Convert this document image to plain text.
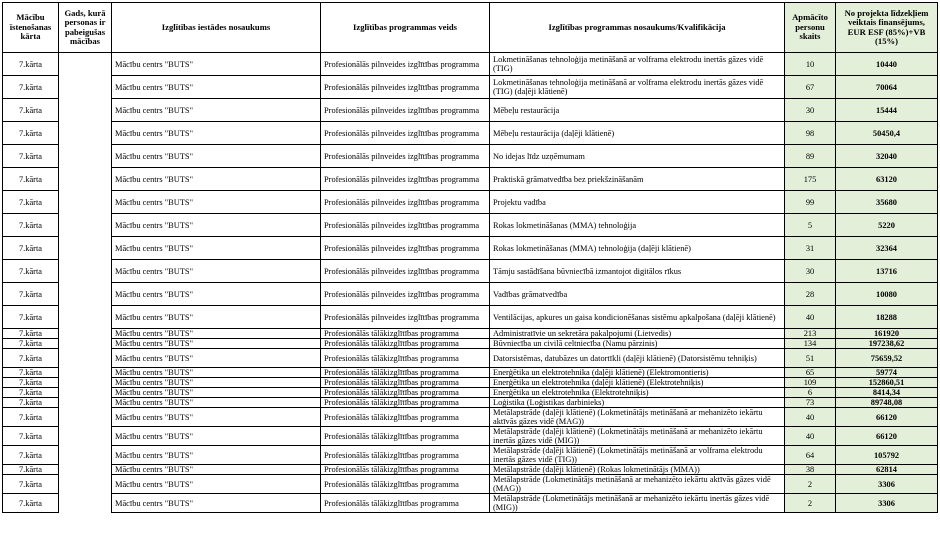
Mācību īstenošanas kārta	Gads, kurā personas ir pabeigušas mācības	Izglītības iestādes nosaukums	Izglītības programmas veids	Izglītības programmas nosaukums/Kvalifikācija	Apmācīto personu skaits	No projekta līdzekļiem veiktais finansējums, EUR ESF (85%)+VB (15%)
7.kārta		Mācību centrs "BUTS"	Profesionālās pilnveides izglītības programma	Lokmetināšanas tehnoloģija metināšanā ar volframa elektrodu inertās gāzes vidē (TIG)	10	10440
7.kārta		Mācību centrs "BUTS"	Profesionālās pilnveides izglītības programma	Lokmetināšanas tehnoloģija metināšanā ar volframa elektrodu inertās gāzes vidē (TIG) (daļēji klātienē)	67	70064
7.kārta		Mācību centrs "BUTS"	Profesionālās pilnveides izglītības programma	Mēbeļu restaurācija	30	15444
7.kārta		Mācību centrs "BUTS"	Profesionālās pilnveides izglītības programma	Mēbeļu restaurācija (daļēji klātienē)	98	50450,4
7.kārta		Mācību centrs "BUTS"	Profesionālās pilnveides izglītības programma	No idejas līdz uzņēmumam	89	32040
7.kārta		Mācību centrs "BUTS"	Profesionālās pilnveides izglītības programma	Praktiskā grāmatvedība bez priekšzināšanām	175	63120
7.kārta		Mācību centrs "BUTS"	Profesionālās pilnveides izglītības programma	Projektu vadība	99	35680
7.kārta		Mācību centrs "BUTS"	Profesionālās pilnveides izglītības programma	Rokas lokmetināšanas (MMA) tehnoloģija	5	5220
7.kārta		Mācību centrs "BUTS"	Profesionālās pilnveides izglītības programma	Rokas lokmetināšanas (MMA) tehnoloģija (daļēji klātienē)	31	32364
7.kārta		Mācību centrs "BUTS"	Profesionālās pilnveides izglītības programma	Tāmju sastādīšana būvniecībā izmantojot digitālos rīkus	30	13716
7.kārta		Mācību centrs "BUTS"	Profesionālās pilnveides izglītības programma	Vadības grāmatvedība	28	10080
7.kārta		Mācību centrs "BUTS"	Profesionālās pilnveides izglītības programma	Ventilācijas, apkures un gaisa kondicionēšanas sistēmu apkalpošana (daļēji klātienē)	40	18288
7.kārta		Mācību centrs "BUTS"	Profesionālās tālākizglītības programma	Administratīvie un sekretāra pakalpojumi (Lietvedis)	213	161920
7.kārta		Mācību centrs "BUTS"	Profesionālās tālākizglītības programma	Būvniecība un civilā celtniecība (Namu pārzinis)	134	197238,62
7.kārta		Mācību centrs "BUTS"	Profesionālās tālākizglītības programma	Datorsistēmas, datubāzes un datortīkli (daļēji klātienē) (Datorsistēmu tehniķis)	51	75659,52
7.kārta		Mācību centrs "BUTS"	Profesionālās tālākizglītības programma	Enerģētika un elektrotehnika (daļēji klātienē) (Elektromontieris)	65	59774
7.kārta		Mācību centrs "BUTS"	Profesionālās tālākizglītības programma	Enerģētika un elektrotehnika (daļēji klātienē) (Elektrotehniķis)	109	152860,51
7.kārta		Mācību centrs "BUTS"	Profesionālās tālākizglītības programma	Enerģētika un elektrotehnika (Elektrotehniķis)	6	8414,34
7.kārta		Mācību centrs "BUTS"	Profesionālās tālākizglītības programma	Loģistika (Loģistikas darbinieks)	73	89748,08
7.kārta		Mācību centrs "BUTS"	Profesionālās tālākizglītības programma	Metālapstrāde (daļēji klātienē) (Lokmetinātājs metināšanā ar mehanizēto iekārtu aktīvās gāzes vidē (MAG))	40	66120
7.kārta		Mācību centrs "BUTS"	Profesionālās tālākizglītības programma	Metālapstrāde (daļēji klātienē) (Lokmetinātājs metināšanā ar mehanizēto iekārtu inertās gāzes vidē (MIG))	40	66120
7.kārta		Mācību centrs "BUTS"	Profesionālās tālākizglītības programma	Metālapstrāde (daļēji klātienē) (Lokmetinātājs metināšanā ar volframa elektrodu inertās gāzes vidē (TIG))	64	105792
7.kārta		Mācību centrs "BUTS"	Profesionālās tālākizglītības programma	Metālapstrāde (daļēji klātienē) (Rokas lokmetinātājs (MMA))	38	62814
7.kārta		Mācību centrs "BUTS"	Profesionālās tālākizglītības programma	Metālapstrāde (Lokmetinātājs metināšanā ar mehanizēto iekārtu aktīvās gāzes vidē (MAG))	2	3306
7.kārta		Mācību centrs "BUTS"	Profesionālās tālākizglītības programma	Metālapstrāde (Lokmetinātājs metināšanā ar mehanizēto iekārtu inertās gāzes vidē (MIG))	2	3306
